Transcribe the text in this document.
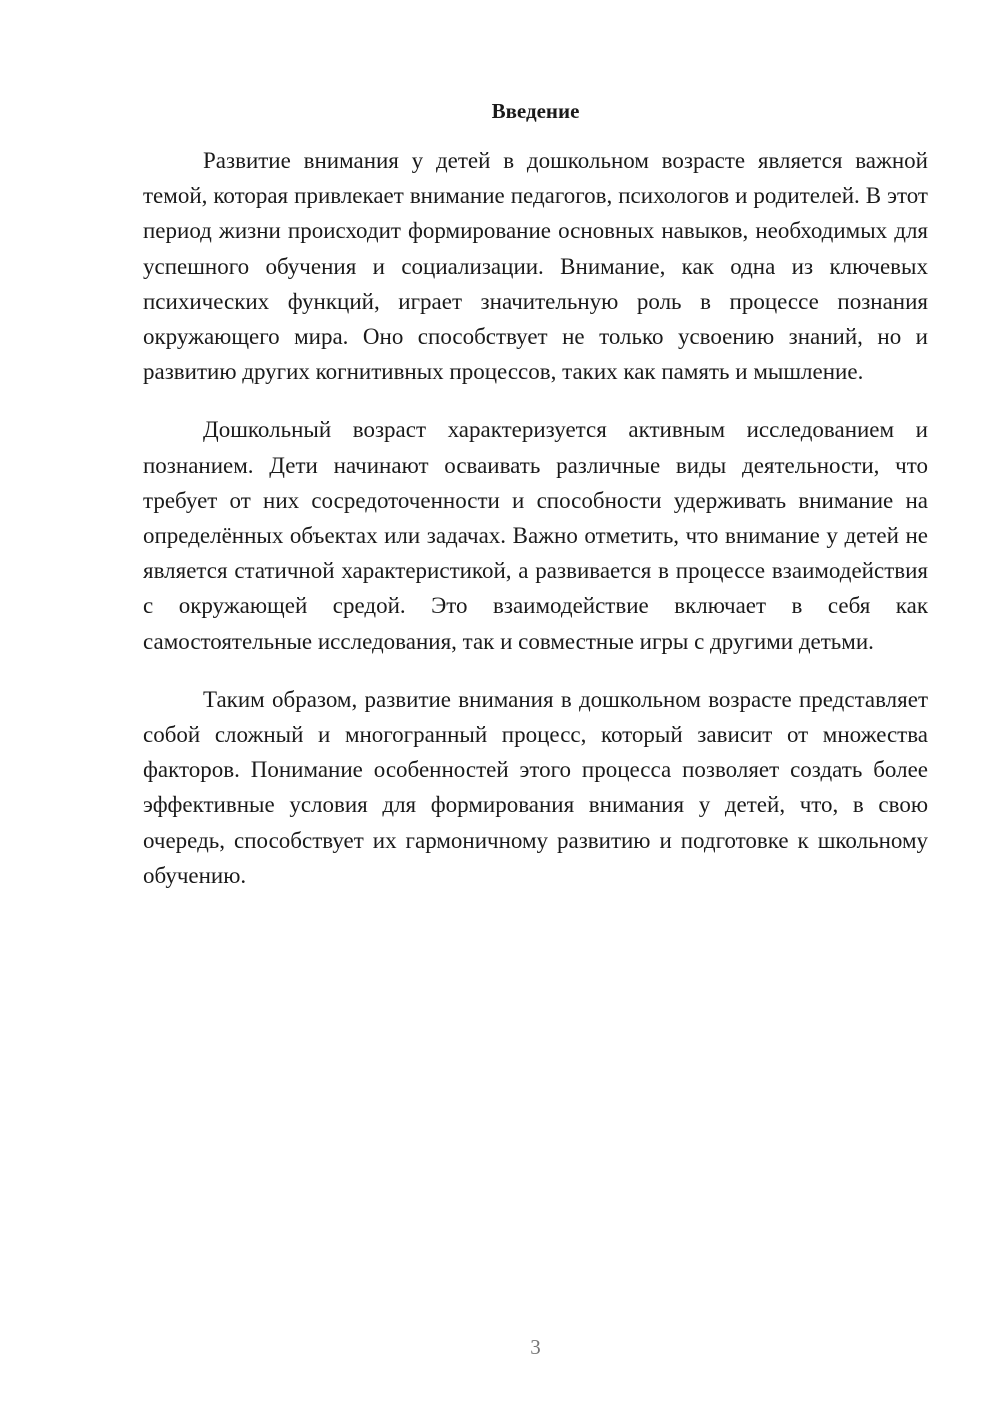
Введение

Развитие внимания у детей в дошкольном возрасте является важной темой, которая привлекает внимание педагогов, психологов и родителей. В этот период жизни происходит формирование основных навыков, необходимых для успешного обучения и социализации. Внимание, как одна из ключевых психических функций, играет значительную роль в процессе познания окружающего мира. Оно способствует не только усвоению знаний, но и развитию других когнитивных процессов, таких как память и мышление.

Дошкольный возраст характеризуется активным исследованием и познанием. Дети начинают осваивать различные виды деятельности, что требует от них сосредоточенности и способности удерживать внимание на определённых объектах или задачах. Важно отметить, что внимание у детей не является статичной характеристикой, а развивается в процессе взаимодействия с окружающей средой. Это взаимодействие включает в себя как самостоятельные исследования, так и совместные игры с другими детьми.

Таким образом, развитие внимания в дошкольном возрасте представляет собой сложный и многогранный процесс, который зависит от множества факторов. Понимание особенностей этого процесса позволяет создать более эффективные условия для формирования внимания у детей, что, в свою очередь, способствует их гармоничному развитию и подготовке к школьному обучению.

3
